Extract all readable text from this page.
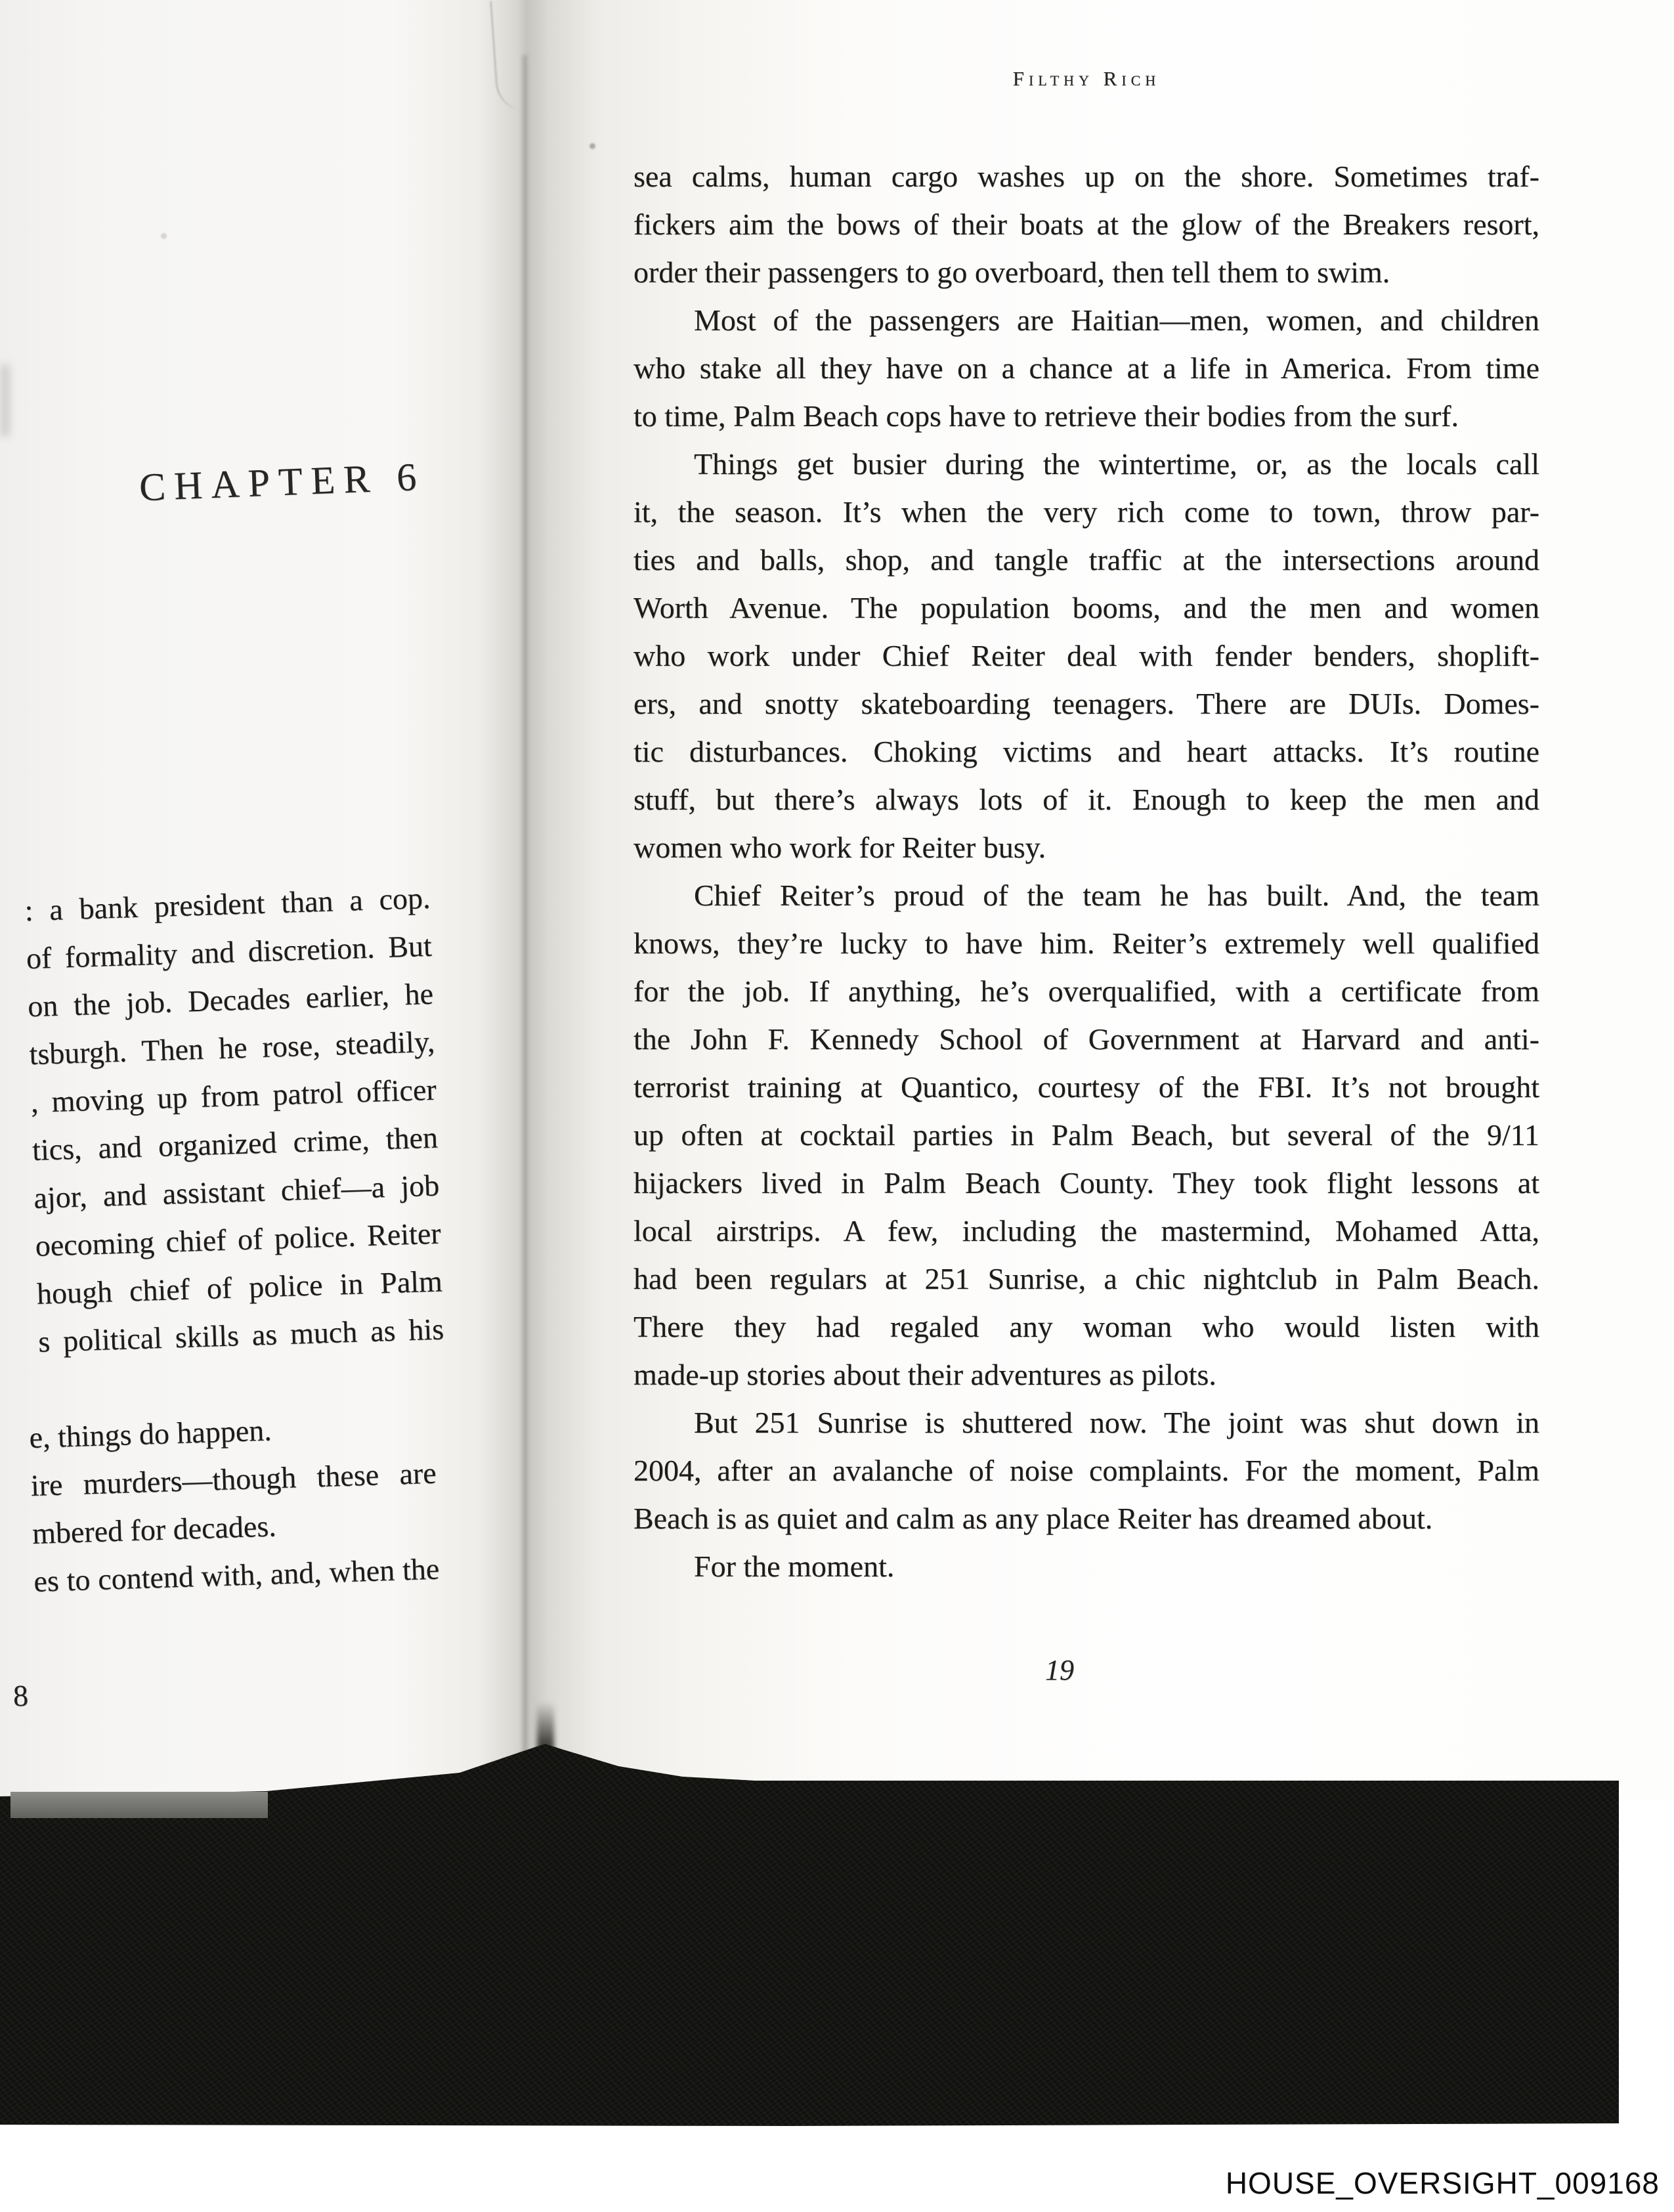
CHAPTER 6
: a bank president than a cop.
of formality and discretion. But
on the job. Decades earlier, he
tsburgh. Then he rose, steadily,
, moving up from patrol officer
tics, and organized crime, then
ajor, and assistant chief—a job
oecoming chief of police. Reiter
hough chief of police in Palm
s political skills as much as his
e, things do happen.
ire murders—though these are
mbered for decades.
es to contend with, and, when the
8
Filthy Rich
sea calms, human cargo washes up on the shore. Sometimes traf-
fickers aim the bows of their boats at the glow of the Breakers resort,
order their passengers to go overboard, then tell them to swim.
Most of the passengers are Haitian—men, women, and children
who stake all they have on a chance at a life in America. From time
to time, Palm Beach cops have to retrieve their bodies from the surf.
Things get busier during the wintertime, or, as the locals call
it, the season. It’s when the very rich come to town, throw par-
ties and balls, shop, and tangle traffic at the intersections around
Worth Avenue. The population booms, and the men and women
who work under Chief Reiter deal with fender benders, shoplift-
ers, and snotty skateboarding teenagers. There are DUIs. Domes-
tic disturbances. Choking victims and heart attacks. It’s routine
stuff, but there’s always lots of it. Enough to keep the men and
women who work for Reiter busy.
Chief Reiter’s proud of the team he has built. And, the team
knows, they’re lucky to have him. Reiter’s extremely well qualified
for the job. If anything, he’s overqualified, with a certificate from
the John F. Kennedy School of Government at Harvard and anti-
terrorist training at Quantico, courtesy of the FBI. It’s not brought
up often at cocktail parties in Palm Beach, but several of the 9/11
hijackers lived in Palm Beach County. They took flight lessons at
local airstrips. A few, including the mastermind, Mohamed Atta,
had been regulars at 251 Sunrise, a chic nightclub in Palm Beach.
There they had regaled any woman who would listen with
made-up stories about their adventures as pilots.
But 251 Sunrise is shuttered now. The joint was shut down in
2004, after an avalanche of noise complaints. For the moment, Palm
Beach is as quiet and calm as any place Reiter has dreamed about.
For the moment.
19
HOUSE_OVERSIGHT_009168
